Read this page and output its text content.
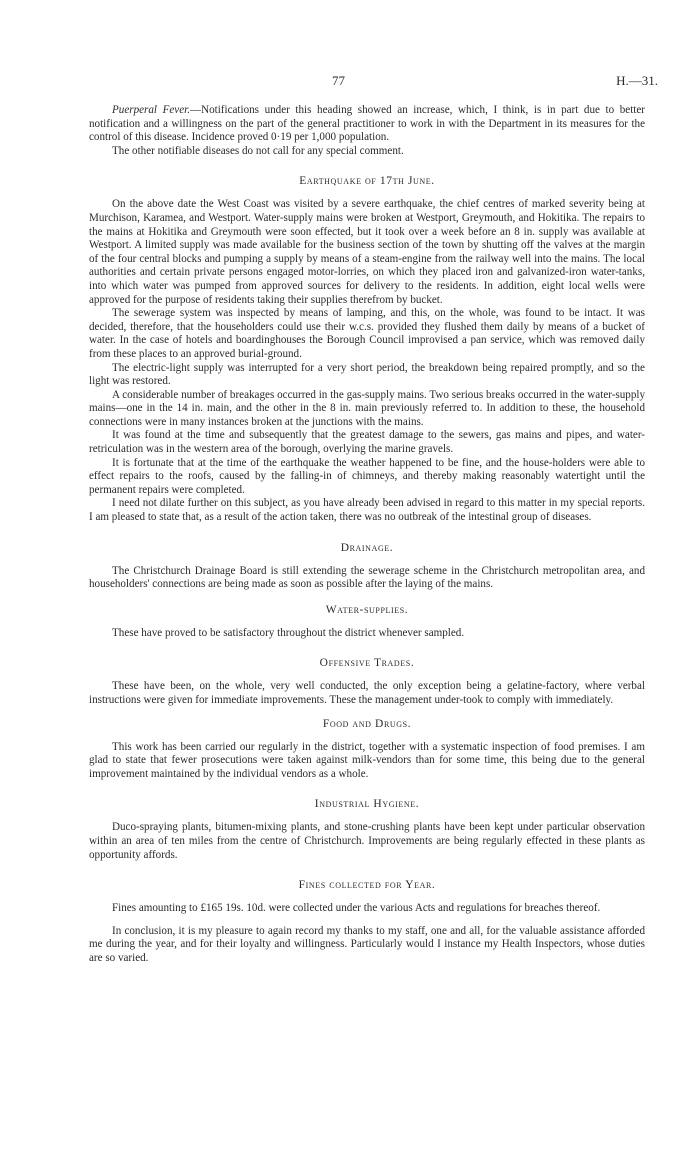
77	H.—31.

Puerperal Fever.—Notifications under this heading showed an increase, which, I think, is in part due to better notification and a willingness on the part of the general practitioner to work in with the Department in its measures for the control of this disease. Incidence proved 0·19 per 1,000 population.

The other notifiable diseases do not call for any special comment.

Earthquake of 17th June.

On the above date the West Coast was visited by a severe earthquake, the chief centres of marked severity being at Murchison, Karamea, and Westport. Water-supply mains were broken at Westport, Greymouth, and Hokitika. The repairs to the mains at Hokitika and Greymouth were soon effected, but it took over a week before an 8 in. supply was available at Westport. A limited supply was made available for the business section of the town by shutting off the valves at the margin of the four central blocks and pumping a supply by means of a steam-engine from the railway well into the mains. The local authorities and certain private persons engaged motor-lorries, on which they placed iron and galvanized-iron water-tanks, into which water was pumped from approved sources for delivery to the residents. In addition, eight local wells were approved for the purpose of residents taking their supplies therefrom by bucket.

The sewerage system was inspected by means of lamping, and this, on the whole, was found to be intact. It was decided, therefore, that the householders could use their w.c.s. provided they flushed them daily by means of a bucket of water. In the case of hotels and boardinghouses the Borough Council improvised a pan service, which was removed daily from these places to an approved burial-ground.

The electric-light supply was interrupted for a very short period, the breakdown being repaired promptly, and so the light was restored.

A considerable number of breakages occurred in the gas-supply mains. Two serious breaks occurred in the water-supply mains—one in the 14 in. main, and the other in the 8 in. main previously referred to. In addition to these, the household connections were in many instances broken at the junctions with the mains.

It was found at the time and subsequently that the greatest damage to the sewers, gas mains and pipes, and water-retriculation was in the western area of the borough, overlying the marine gravels.

It is fortunate that at the time of the earthquake the weather happened to be fine, and the house-holders were able to effect repairs to the roofs, caused by the falling-in of chimneys, and thereby making reasonably watertight until the permanent repairs were completed.

I need not dilate further on this subject, as you have already been advised in regard to this matter in my special reports. I am pleased to state that, as a result of the action taken, there was no outbreak of the intestinal group of diseases.

Drainage.

The Christchurch Drainage Board is still extending the sewerage scheme in the Christchurch metropolitan area, and householders' connections are being made as soon as possible after the laying of the mains.

Water-supplies.

These have proved to be satisfactory throughout the district whenever sampled.

Offensive Trades.

These have been, on the whole, very well conducted, the only exception being a gelatine-factory, where verbal instructions were given for immediate improvements. These the management under-took to comply with immediately.

Food and Drugs.

This work has been carried our regularly in the district, together with a systematic inspection of food premises. I am glad to state that fewer prosecutions were taken against milk-vendors than for some time, this being due to the general improvement maintained by the individual vendors as a whole.

Industrial Hygiene.

Duco-spraying plants, bitumen-mixing plants, and stone-crushing plants have been kept under particular observation within an area of ten miles from the centre of Christchurch. Improvements are being regularly effected in these plants as opportunity affords.

Fines collected for Year.

Fines amounting to £165 19s. 10d. were collected under the various Acts and regulations for breaches thereof.

In conclusion, it is my pleasure to again record my thanks to my staff, one and all, for the valuable assistance afforded me during the year, and for their loyalty and willingness. Particularly would I instance my Health Inspectors, whose duties are so varied.
